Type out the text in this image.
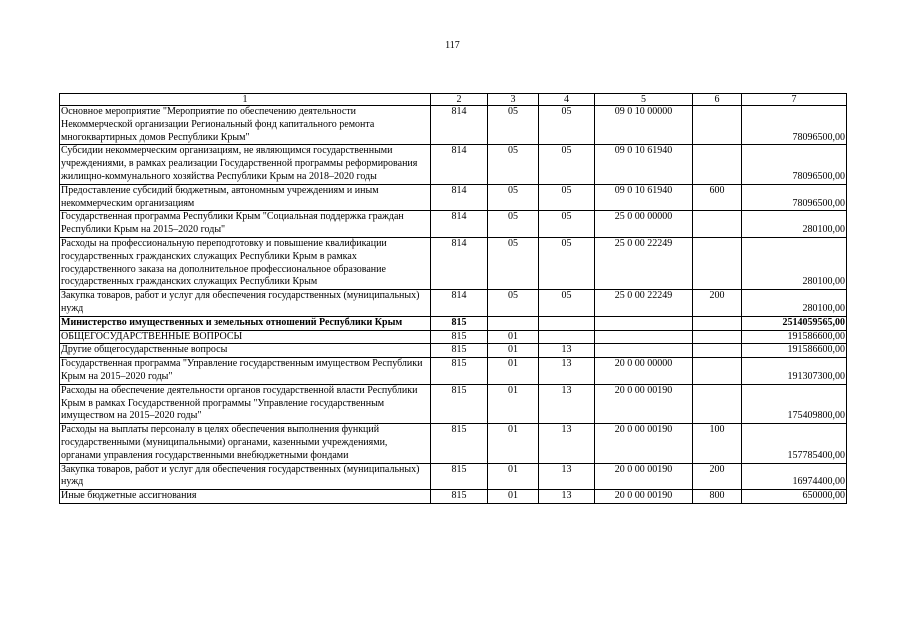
117
1	2	3	4	5	6	7
Основное мероприятие "Мероприятие по обеспечению деятельности Некоммерческой организации Региональный фонд капитального ремонта многоквартирных домов Республики Крым"	814	05	05	09 0 10 00000		78096500,00
Субсидии некоммерческим организациям, не являющимся государственными учреждениями, в рамках реализации Государственной программы реформирования жилищно-коммунального хозяйства Республики Крым на 2018–2020 годы	814	05	05	09 0 10 61940		78096500,00
Предоставление субсидий бюджетным, автономным учреждениям и иным некоммерческим организациям	814	05	05	09 0 10 61940	600	78096500,00
Государственная программа Республики Крым "Социальная поддержка граждан Республики Крым на 2015–2020 годы"	814	05	05	25 0 00 00000		280100,00
Расходы на профессиональную переподготовку и повышение квалификации государственных гражданских служащих Республики Крым в рамках государственного заказа на дополнительное профессиональное образование государственных гражданских служащих Республики Крым	814	05	05	25 0 00 22249		280100,00
Закупка товаров, работ и услуг для обеспечения государственных (муниципальных) нужд	814	05	05	25 0 00 22249	200	280100,00
Министерство имущественных и земельных отношений Республики Крым	815					2514059565,00
ОБЩЕГОСУДАРСТВЕННЫЕ ВОПРОСЫ	815	01				191586600,00
Другие общегосударственные вопросы	815	01	13			191586600,00
Государственная программа "Управление государственным имуществом Республики Крым на 2015–2020 годы"	815	01	13	20 0 00 00000		191307300,00
Расходы на обеспечение деятельности органов государственной власти Республики Крым в рамках Государственной программы "Управление государственным имуществом на 2015–2020 годы"	815	01	13	20 0 00 00190		175409800,00
Расходы на выплаты персоналу в целях обеспечения выполнения функций государственными (муниципальными) органами, казенными учреждениями, органами управления государственными внебюджетными фондами	815	01	13	20 0 00 00190	100	157785400,00
Закупка товаров, работ и услуг для обеспечения государственных (муниципальных) нужд	815	01	13	20 0 00 00190	200	16974400,00
Иные бюджетные ассигнования	815	01	13	20 0 00 00190	800	650000,00
